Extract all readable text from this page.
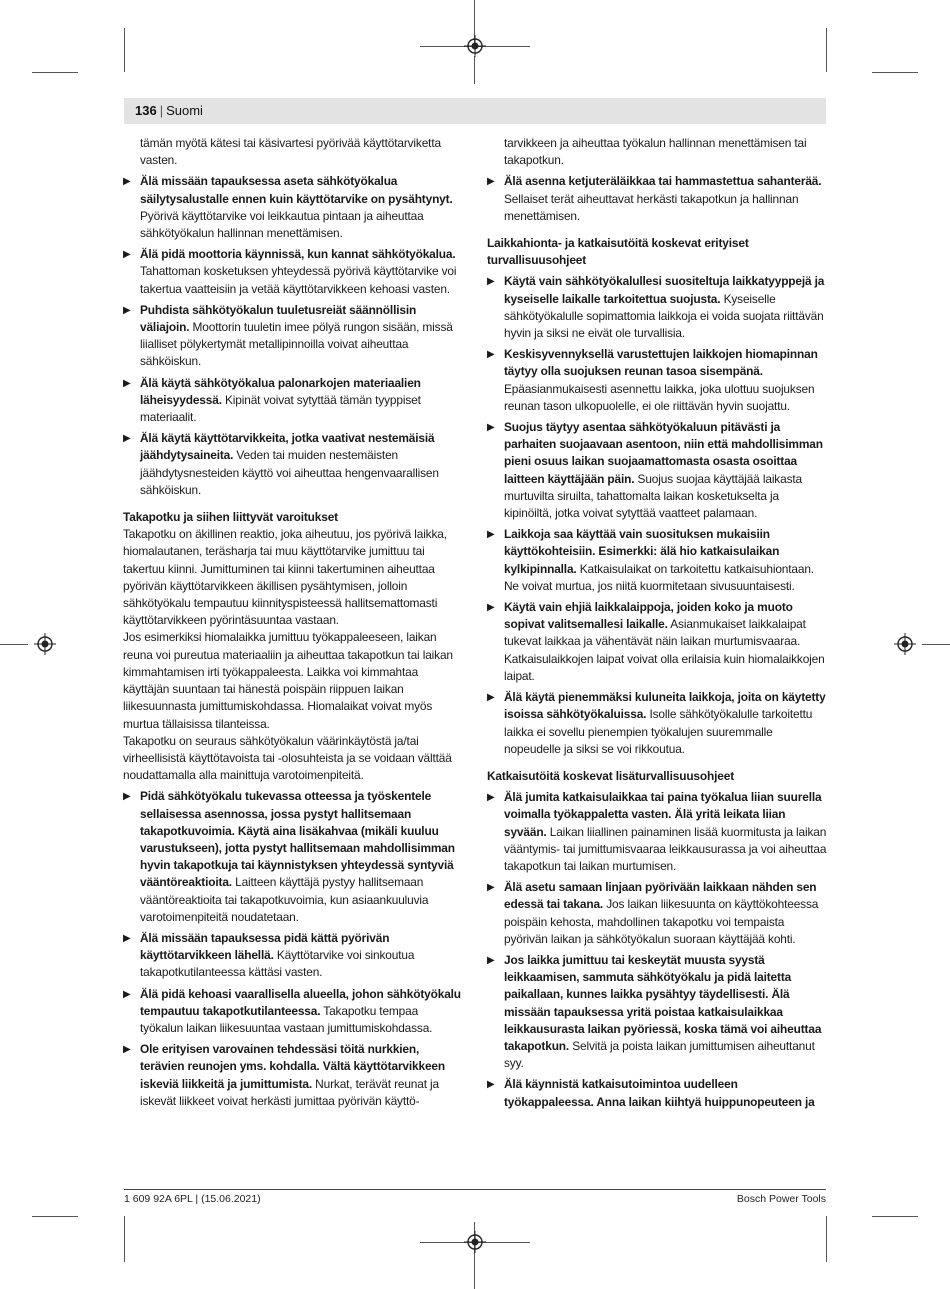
136 | Suomi

tämän myötä kätesi tai käsivartesi pyörivää käyttötarviketta vasten.

▶ Älä missään tapauksessa aseta sähkötyökalua säilytysalustalle ennen kuin käyttötarvike on pysähtynyt. Pyörivä käyttötarvike voi leikkautua pintaan ja aiheuttaa sähkötyökalun hallinnan menettämisen.
▶ Älä pidä moottoria käynnissä, kun kannat sähkötyökalua. Tahattoman kosketuksen yhteydessä pyörivä käyttötarvike voi takertua vaatteisiin ja vetää käyttötarvikkeen kehoasi vasten.
▶ Puhdista sähkötyökalun tuuletusreiät säännöllisin väliajoin. Moottorin tuuletin imee pölyä rungon sisään, missä liialliset pölykertymät metallipinnoilla voivat aiheuttaa sähköiskun.
▶ Älä käytä sähkötyökalua palonarkojen materiaalien läheisyydessä. Kipinät voivat sytyttää tämän tyyppiset materiaalit.
▶ Älä käytä käyttötarvikkeita, jotka vaativat nestemäisiä jäähdytysaineita. Veden tai muiden nestemäisten jäähdytysnesteiden käyttö voi aiheuttaa hengenvaarallisen sähköiskun.

Takapotku ja siihen liittyvät varoitukset

Takapotku on äkillinen reaktio, joka aiheutuu, jos pyörivä laikka, hiomalautanen, teräsharja tai muu käyttötarvike jumittuu tai takertuu kiinni. Jumittuminen tai kiinni takertuminen aiheuttaa pyörivän käyttötarvikkeen äkillisen pysähtymisen, jolloin sähkötyökalu tempautuu kiinnityspisteessä hallitsemattomasti käyttötarvikkeen pyörintäsuuntaa vastaan.

Jos esimerkiksi hiomalaikka jumittuu työkappaleeseen, laikan reuna voi pureutua materiaaliin ja aiheuttaa takapotkun tai laikan kimmahtamisen irti työkappaleesta. Laikka voi kimmahtaa käyttäjän suuntaan tai hänestä poispäin riippuen laikan liikesuunnasta jumittumiskohdassa. Hiomalaikat voivat myös murtua tällaisissa tilanteissa.

Takapotku on seuraus sähkötyökalun väärinkäytöstä ja/tai virheellisistä käyttötavoista tai -olosuhteista ja se voidaan välttää noudattamalla alla mainittuja varotoimenpiteitä.

▶ Pidä sähkötyökalu tukevassa otteessa ja työskentele sellaisessa asennossa, jossa pystyt hallitsemaan takapotkuvoimia. Käytä aina lisäkahvaa (mikäli kuuluu varustukseen), jotta pystyt hallitsemaan mahdollisimman hyvin takapotkuja tai käynnistyksen yhteydessä syntyviä vääntöreaktioita. Laitteen käyttäjä pystyy hallitsemaan vääntöreaktioita tai takapotkuvoimia, kun asiaankuuluvia varotoimenpiteitä noudatetaan.
▶ Älä missään tapauksessa pidä kättä pyörivän käyttötarvikkeen lähellä. Käyttötarvike voi sinkoutua takapotkutilanteessa kättäsi vasten.
▶ Älä pidä kehoasi vaarallisella alueella, johon sähkötyökalu tempautuu takapotkutilanteessa. Takapotku tempaa työkalun laikan liikesuuntaa vastaan jumittumiskohdassa.
▶ Ole erityisen varovainen tehdessäsi töitä nurkkien, terävien reunojen yms. kohdalla. Vältä käyttötarvikkeen iskeviä liikkeitä ja jumittumista. Nurkat, terävät reunat ja iskevät liikkeet voivat herkästi jumittaa pyörivän käyttö-

tarvikkeen ja aiheuttaa työkalun hallinnan menettämisen tai takapotkun.

▶ Älä asenna ketjuteräläikkaa tai hammastettua sahanterää. Sellaiset terät aiheuttavat herkästi takapotkun ja hallinnan menettämisen.

Laikkahionta- ja katkaisutöitä koskevat erityiset turvallisuusohjeet

▶ Käytä vain sähkötyökalullesi suositeltuja laikkatyyppejä ja kyseiselle laikalle tarkoitettua suojusta. Kyseiselle sähkötyökalulle sopimattomia laikkoja ei voida suojata riittävän hyvin ja siksi ne eivät ole turvallisia.
▶ Keskisyvennyksellä varustettujen laikkojen hiomapinnan täytyy olla suojuksen reunan tasoa sisempänä. Epäasianmukaisesti asennettu laikka, joka ulottuu suojuksen reunan tason ulkopuolelle, ei ole riittävän hyvin suojattu.
▶ Suojus täytyy asentaa sähkötyökaluun pitävästi ja parhaiten suojaavaan asentoon, niin että mahdollisimman pieni osuus laikan suojaamattomasta osasta osoittaa laitteen käyttäjään päin. Suojus suojaa käyttäjää laikasta murtuvilta siruilta, tahattomalta laikan kosketukselta ja kipinöiltä, jotka voivat sytyttää vaatteet palamaan.
▶ Laikkoja saa käyttää vain suosituksen mukaisiin käyttökohteisiin. Esimerkki: älä hio katkaisulaikan kylkipinnalla. Katkaisulaikat on tarkoitettu katkaisuhiontaan. Ne voivat murtua, jos niitä kuormitetaan sivusuuntaisesti.
▶ Käytä vain ehjiä laikkalaippoja, joiden koko ja muoto sopivat valitsemallesi laikalle. Asianmukaiset laikkalaipat tukevat laikkaa ja vähentävät näin laikan murtumisvaaraa. Katkaisulaikkojen laipat voivat olla erilaisia kuin hiomalaikkojen laipat.
▶ Älä käytä pienemmäksi kuluneita laikkoja, joita on käytetty isoissa sähkötyökaluissa. Isolle sähkötyökalulle tarkoitettu laikka ei sovellu pienempien työkalujen suuremmalle nopeudelle ja siksi se voi rikkoutua.

Katkaisutöitä koskevat lisäturvallisuusohjeet

▶ Älä jumita katkaisulaikkaa tai paina työkalua liian suurella voimalla työkappaletta vasten. Älä yritä leikata liian syvään. Laikan liiallinen painaminen lisää kuormitusta ja laikan vääntymis- tai jumittumisvaaraa leikkausurassa ja voi aiheuttaa takapotkun tai laikan murtumisen.
▶ Älä asetu samaan linjaan pyörivään laikkaan nähden sen edessä tai takana. Jos laikan liikesuunta on käyttökohteessa poispäin kehosta, mahdollinen takapotku voi tempaista pyörivän laikan ja sähkötyökalun suoraan käyttäjää kohti.
▶ Jos laikka jumittuu tai keskeytät muusta syystä leikkaamisen, sammuta sähkötyökalu ja pidä laitetta paikallaan, kunnes laikka pysähtyy täydellisesti. Älä missään tapauksessa yritä poistaa katkaisulaikkaa leikkausurasta laikan pyöriessä, koska tämä voi aiheuttaa takapotkun. Selvitä ja poista laikan jumittumisen aiheuttanut syy.
▶ Älä käynnistä katkaisutoimintoa uudelleen työkappaleessa. Anna laikan kiihtyä huippunopeuteen ja
1 609 92A 6PL | (15.06.2021)	Bosch Power Tools
